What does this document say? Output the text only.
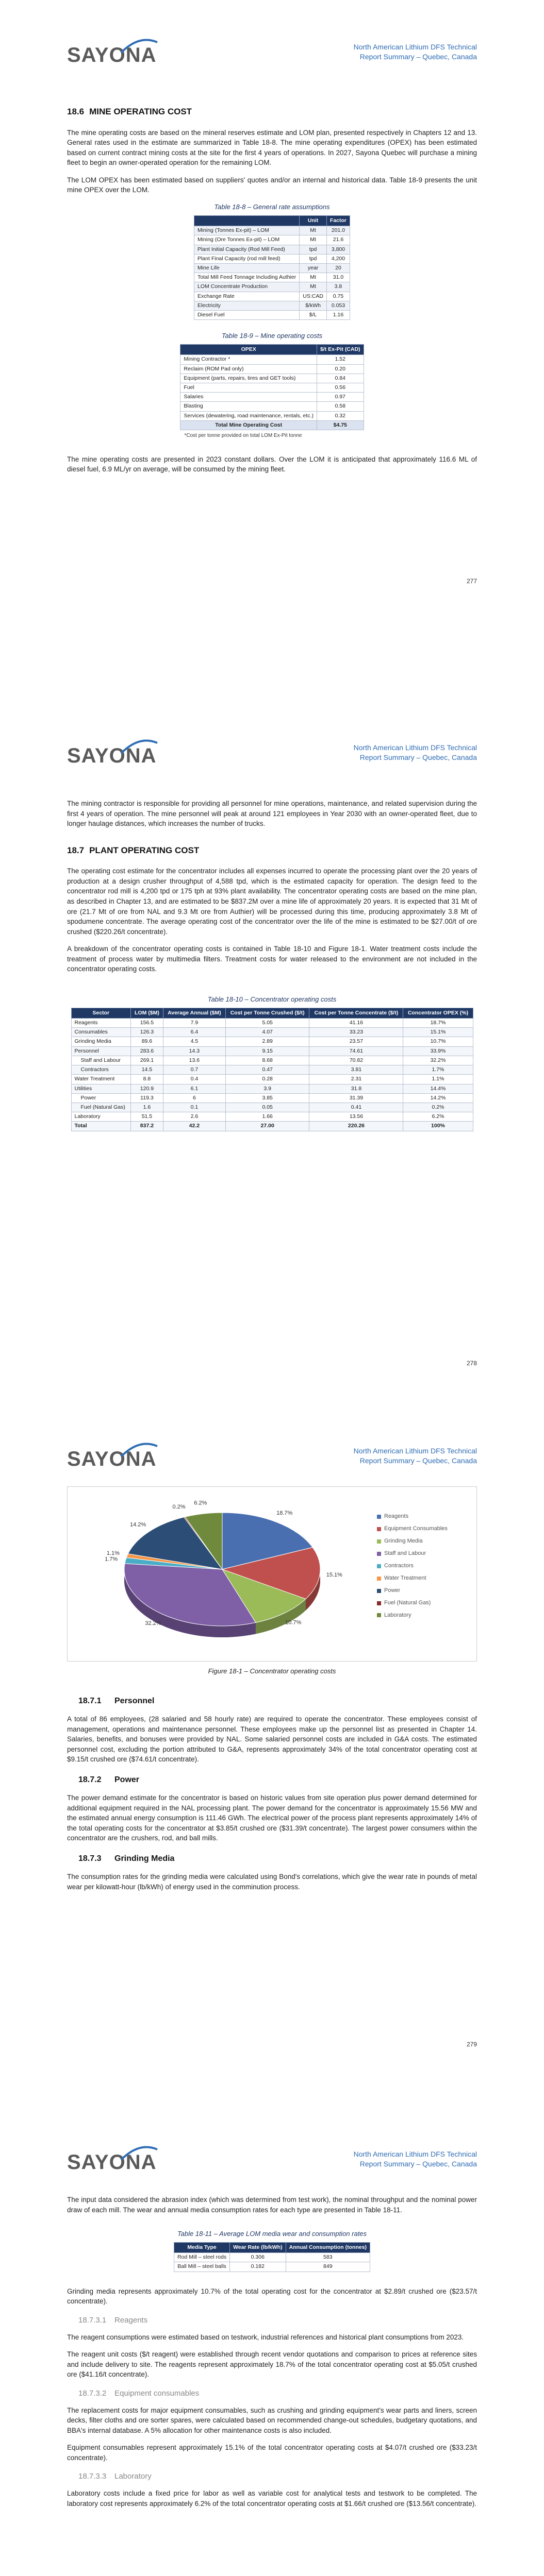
SAYONA	North American Lithium DFS Technical
Report Summary – Quebec, Canada
18.6 MINE OPERATING COST

The mine operating costs are based on the mineral reserves estimate and LOM plan, presented respectively in Chapters 12 and 13. General rates used in the estimate are summarized in Table 18-8. The mine operating expenditures (OPEX) has been estimated based on current contract mining costs at the site for the first 4 years of operations. In 2027, Sayona Quebec will purchase a mining fleet to begin an owner-operated operation for the remaining LOM.

The LOM OPEX has been estimated based on suppliers' quotes and/or an internal and historical data. Table 18-9 presents the unit mine OPEX over the LOM.

Table 18-8 – General rate assumptions
	Unit	Factor
Mining (Tonnes Ex-pit) – LOM	Mt	201.0
Mining (Ore Tonnes Ex-pit) – LOM	Mt	21.6
Plant Initial Capacity (Rod Mill Feed)	tpd	3,800
Plant Final Capacity (rod mill feed)	tpd	4,200
Mine Life	year	20
Total Mill Feed Tonnage Including Authier	Mt	31.0
LOM Concentrate Production	Mt	3.8
Exchange Rate	US:CAD	0.75
Electricity	$/kWh	0.053
Diesel Fuel	$/L	1.16
Table 18-9 – Mine operating costs
OPEX	$/t Ex-Pit (CAD)
Mining Contractor *	1.52
Reclaim (ROM Pad only)	0.20
Equipment (parts, repairs, tires and GET tools)	0.84
Fuel	0.56
Salaries	0.97
Blasting	0.58
Services (dewatering, road maintenance, rentals, etc.)	0.32
Total Mine Operating Cost	$4.75
*Cost per tonne provided on total LOM Ex-Pit tonne

The mine operating costs are presented in 2023 constant dollars. Over the LOM it is anticipated that approximately 116.6 ML of diesel fuel, 6.9 ML/yr on average, will be consumed by the mining fleet.

277
SAYONA	North American Lithium DFS Technical
Report Summary – Quebec, Canada

The mining contractor is responsible for providing all personnel for mine operations, maintenance, and related supervision during the first 4 years of operation. The mine personnel will peak at around 121 employees in Year 2030 with an owner-operated fleet, due to longer haulage distances, which increases the number of trucks.

18.7 PLANT OPERATING COST

The operating cost estimate for the concentrator includes all expenses incurred to operate the processing plant over the 20 years of production at a design crusher throughput of 4,588 tpd, which is the estimated capacity for operation. The design feed to the concentrator rod mill is 4,200 tpd or 175 tph at 93% plant availability. The concentrator operating costs are based on the mine plan, as described in Chapter 13, and are estimated to be $837.2M over a mine life of approximately 20 years. It is expected that 31 Mt of ore (21.7 Mt of ore from NAL and 9.3 Mt ore from Authier) will be processed during this time, producing approximately 3.8 Mt of spodumene concentrate. The average operating cost of the concentrator over the life of the mine is estimated to be $27.00/t of ore crushed ($220.26/t concentrate).

A breakdown of the concentrator operating costs is contained in Table 18-10 and Figure 18-1. Water treatment costs include the treatment of process water by multimedia filters. Treatment costs for water released to the environment are not included in the concentrator operating costs.

Table 18-10 – Concentrator operating costs
Sector	LOM ($M)	Average Annual ($M)	Cost per Tonne Crushed ($/t)	Cost per Tonne Concentrate ($/t)	Concentrator OPEX (%)
Reagents	156.5	7.9	5.05	41.16	18.7%
Consumables	126.3	6.4	4.07	33.23	15.1%
Grinding Media	89.6	4.5	2.89	23.57	10.7%
Personnel	283.6	14.3	9.15	74.61	33.9%
Staff and Labour	269.1	13.6	8.68	70.82	32.2%
Contractors	14.5	0.7	0.47	3.81	1.7%
Water Treatment	8.8	0.4	0.28	2.31	1.1%
Utilities	120.9	6.1	3.9	31.8	14.4%
Power	119.3	6	3.85	31.39	14.2%
Fuel (Natural Gas)	1.6	0.1	0.05	0.41	0.2%
Laboratory	51.5	2.6	1.66	13.56	6.2%
Total	837.2	42.2	27.00	220.26	100%
278
SAYONA	North American Lithium DFS Technical
Report Summary – Quebec, Canada
18.7%
15.1%
10.7%
32.2%
1.7%
1.1%
14.2%
0.2%
6.2%
Reagents
Equipment Consumables
Grinding Media
Staff and Labour
Contractors
Water Treatment
Power
Fuel (Natural Gas)
Laboratory
Figure 18-1 – Concentrator operating costs
18.7.1 Personnel

A total of 86 employees, (28 salaried and 58 hourly rate) are required to operate the concentrator. These employees consist of management, operations and maintenance personnel. These employees make up the personnel list as presented in Chapter 14. Salaries, benefits, and bonuses were provided by NAL. Some salaried personnel costs are included in G&A costs. The estimated personnel cost, excluding the portion attributed to G&A, represents approximately 34% of the total concentrator operating cost at $9.15/t crushed ore ($74.61/t concentrate).

18.7.2 Power

The power demand estimate for the concentrator is based on historic values from site operation plus power demand determined for additional equipment required in the NAL processing plant. The power demand for the concentrator is approximately 15.56 MW and the estimated annual energy consumption is 111.46 GWh. The electrical power of the process plant represents approximately 14% of the total operating costs for the concentrator at $3.85/t crushed ore ($31.39/t concentrate). The largest power consumers within the concentrator are the crushers, rod, and ball mills.

18.7.3 Grinding Media

The consumption rates for the grinding media were calculated using Bond's correlations, which give the wear rate in pounds of metal wear per kilowatt-hour (lb/kWh) of energy used in the comminution process.

279
SAYONA	North American Lithium DFS Technical
Report Summary – Quebec, Canada

The input data considered the abrasion index (which was determined from test work), the nominal throughput and the nominal power draw of each mill. The wear and annual media consumption rates for each type are presented in Table 18-11.

Table 18-11 – Average LOM media wear and consumption rates
Media Type	Wear Rate (lb/kWh)	Annual Consumption (tonnes)
Rod Mill – steel rods	0.306	583
Ball Mill – steel balls	0.182	849

Grinding media represents approximately 10.7% of the total operating cost for the concentrator at $2.89/t crushed ore ($23.57/t concentrate).

18.7.3.1 Reagents

The reagent consumptions were estimated based on testwork, industrial references and historical plant consumptions from 2023.

The reagent unit costs ($/t reagent) were established through recent vendor quotations and comparison to prices at reference sites and include delivery to site. The reagents represent approximately 18.7% of the total concentrator operating cost at $5.05/t crushed ore ($41.16/t concentrate).

18.7.3.2 Equipment consumables

The replacement costs for major equipment consumables, such as crushing and grinding equipment's wear parts and liners, screen decks, filter cloths and ore sorter spares, were calculated based on recommended change-out schedules, budgetary quotations, and BBA's internal database. A 5% allocation for other maintenance costs is also included.

Equipment consumables represent approximately 15.1% of the total concentrator operating costs at $4.07/t crushed ore ($33.23/t concentrate).

18.7.3.3 Laboratory

Laboratory costs include a fixed price for labor as well as variable cost for analytical tests and testwork to be completed. The laboratory cost represents approximately 6.2% of the total concentrator operating costs at $1.66/t crushed ore ($13.56/t concentrate).
